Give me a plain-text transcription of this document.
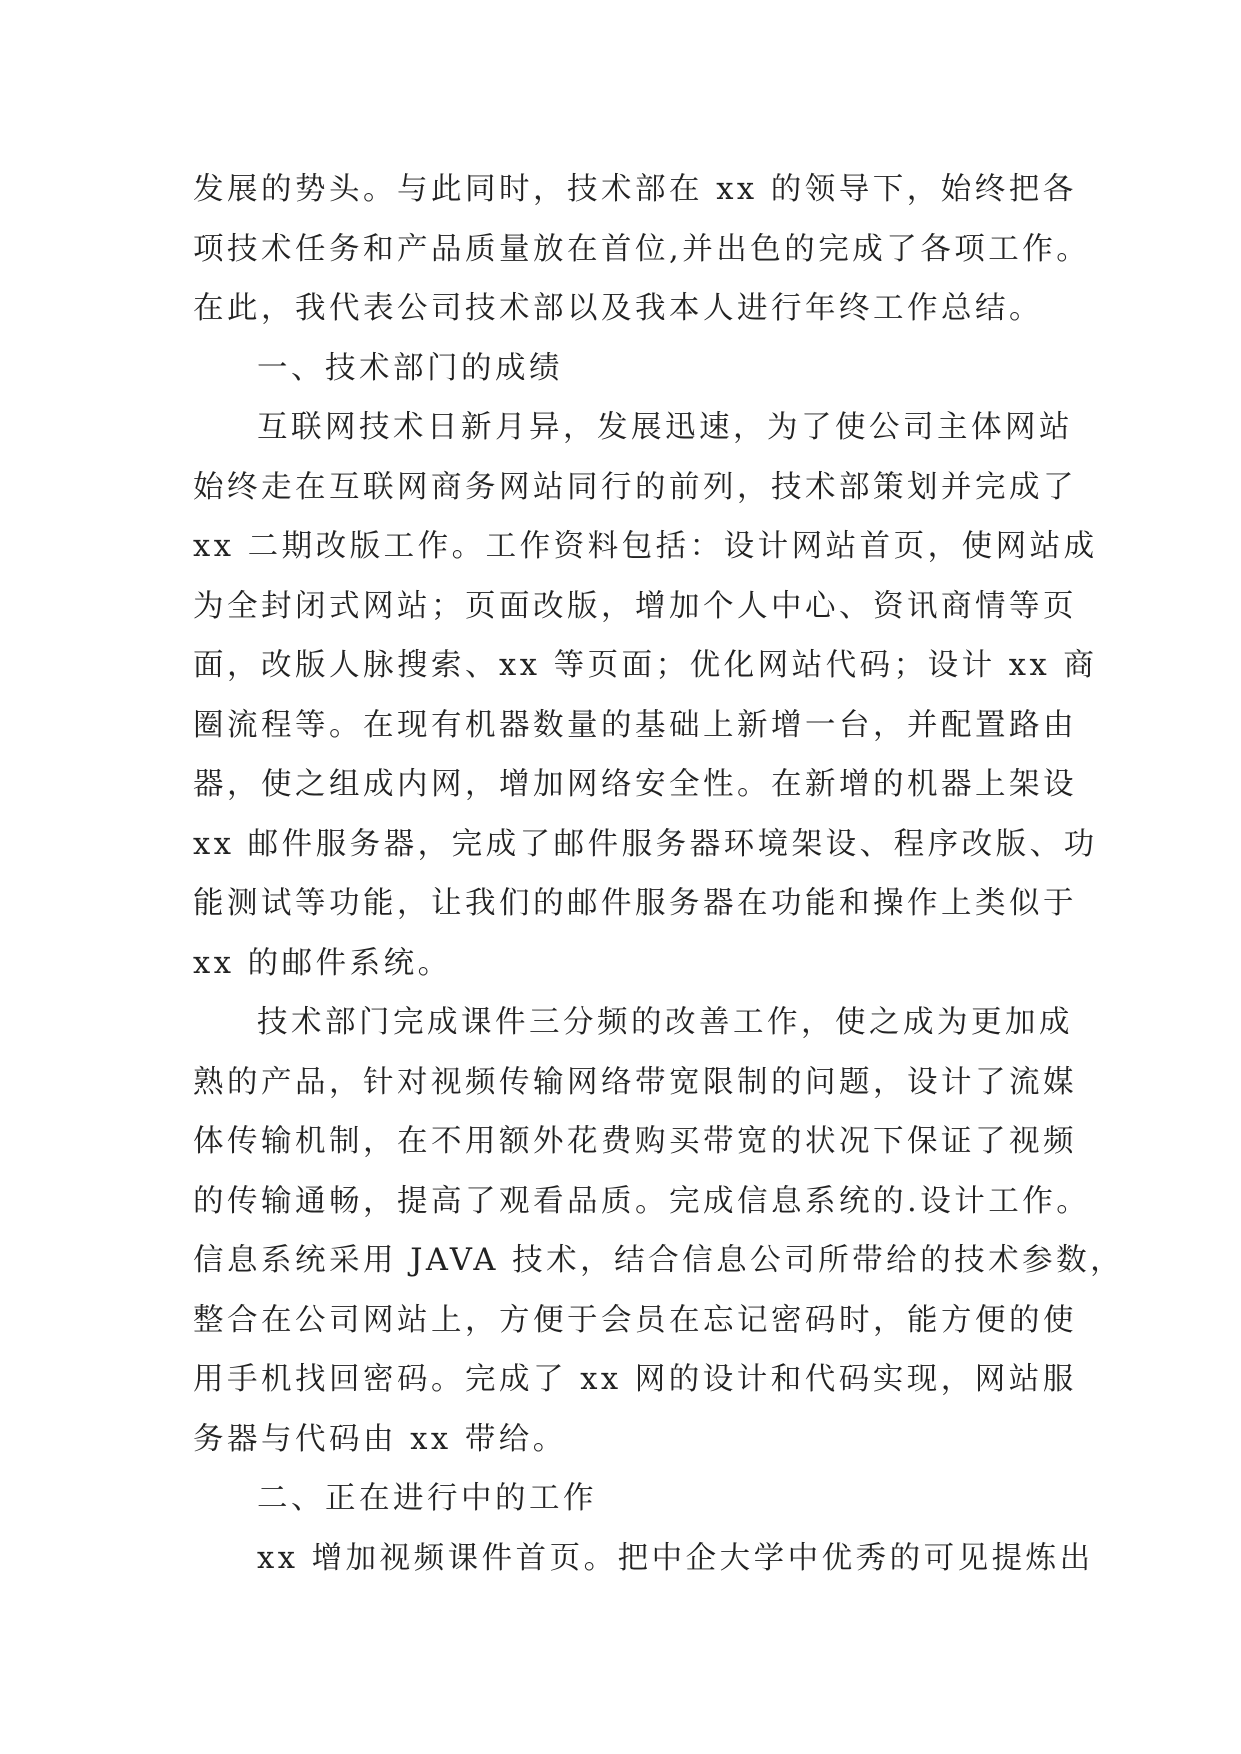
发展的势头。与此同时，技术部在 xx 的领导下，始终把各
项技术任务和产品质量放在首位,并出色的完成了各项工作。
在此，我代表公司技术部以及我本人进行年终工作总结。
一、技术部门的成绩
互联网技术日新月异，发展迅速，为了使公司主体网站
始终走在互联网商务网站同行的前列，技术部策划并完成了
xx 二期改版工作。工作资料包括：设计网站首页，使网站成
为全封闭式网站；页面改版，增加个人中心、资讯商情等页
面，改版人脉搜索、xx 等页面；优化网站代码；设计 xx 商
圈流程等。在现有机器数量的基础上新增一台，并配置路由
器，使之组成内网，增加网络安全性。在新增的机器上架设
xx 邮件服务器，完成了邮件服务器环境架设、程序改版、功
能测试等功能，让我们的邮件服务器在功能和操作上类似于
xx 的邮件系统。
技术部门完成课件三分频的改善工作，使之成为更加成
熟的产品，针对视频传输网络带宽限制的问题，设计了流媒
体传输机制，在不用额外花费购买带宽的状况下保证了视频
的传输通畅，提高了观看品质。完成信息系统的.设计工作。
信息系统采用 JAVA 技术，结合信息公司所带给的技术参数，
整合在公司网站上，方便于会员在忘记密码时，能方便的使
用手机找回密码。完成了 xx 网的设计和代码实现，网站服
务器与代码由 xx 带给。
二、正在进行中的工作
xx 增加视频课件首页。把中企大学中优秀的可见提炼出
